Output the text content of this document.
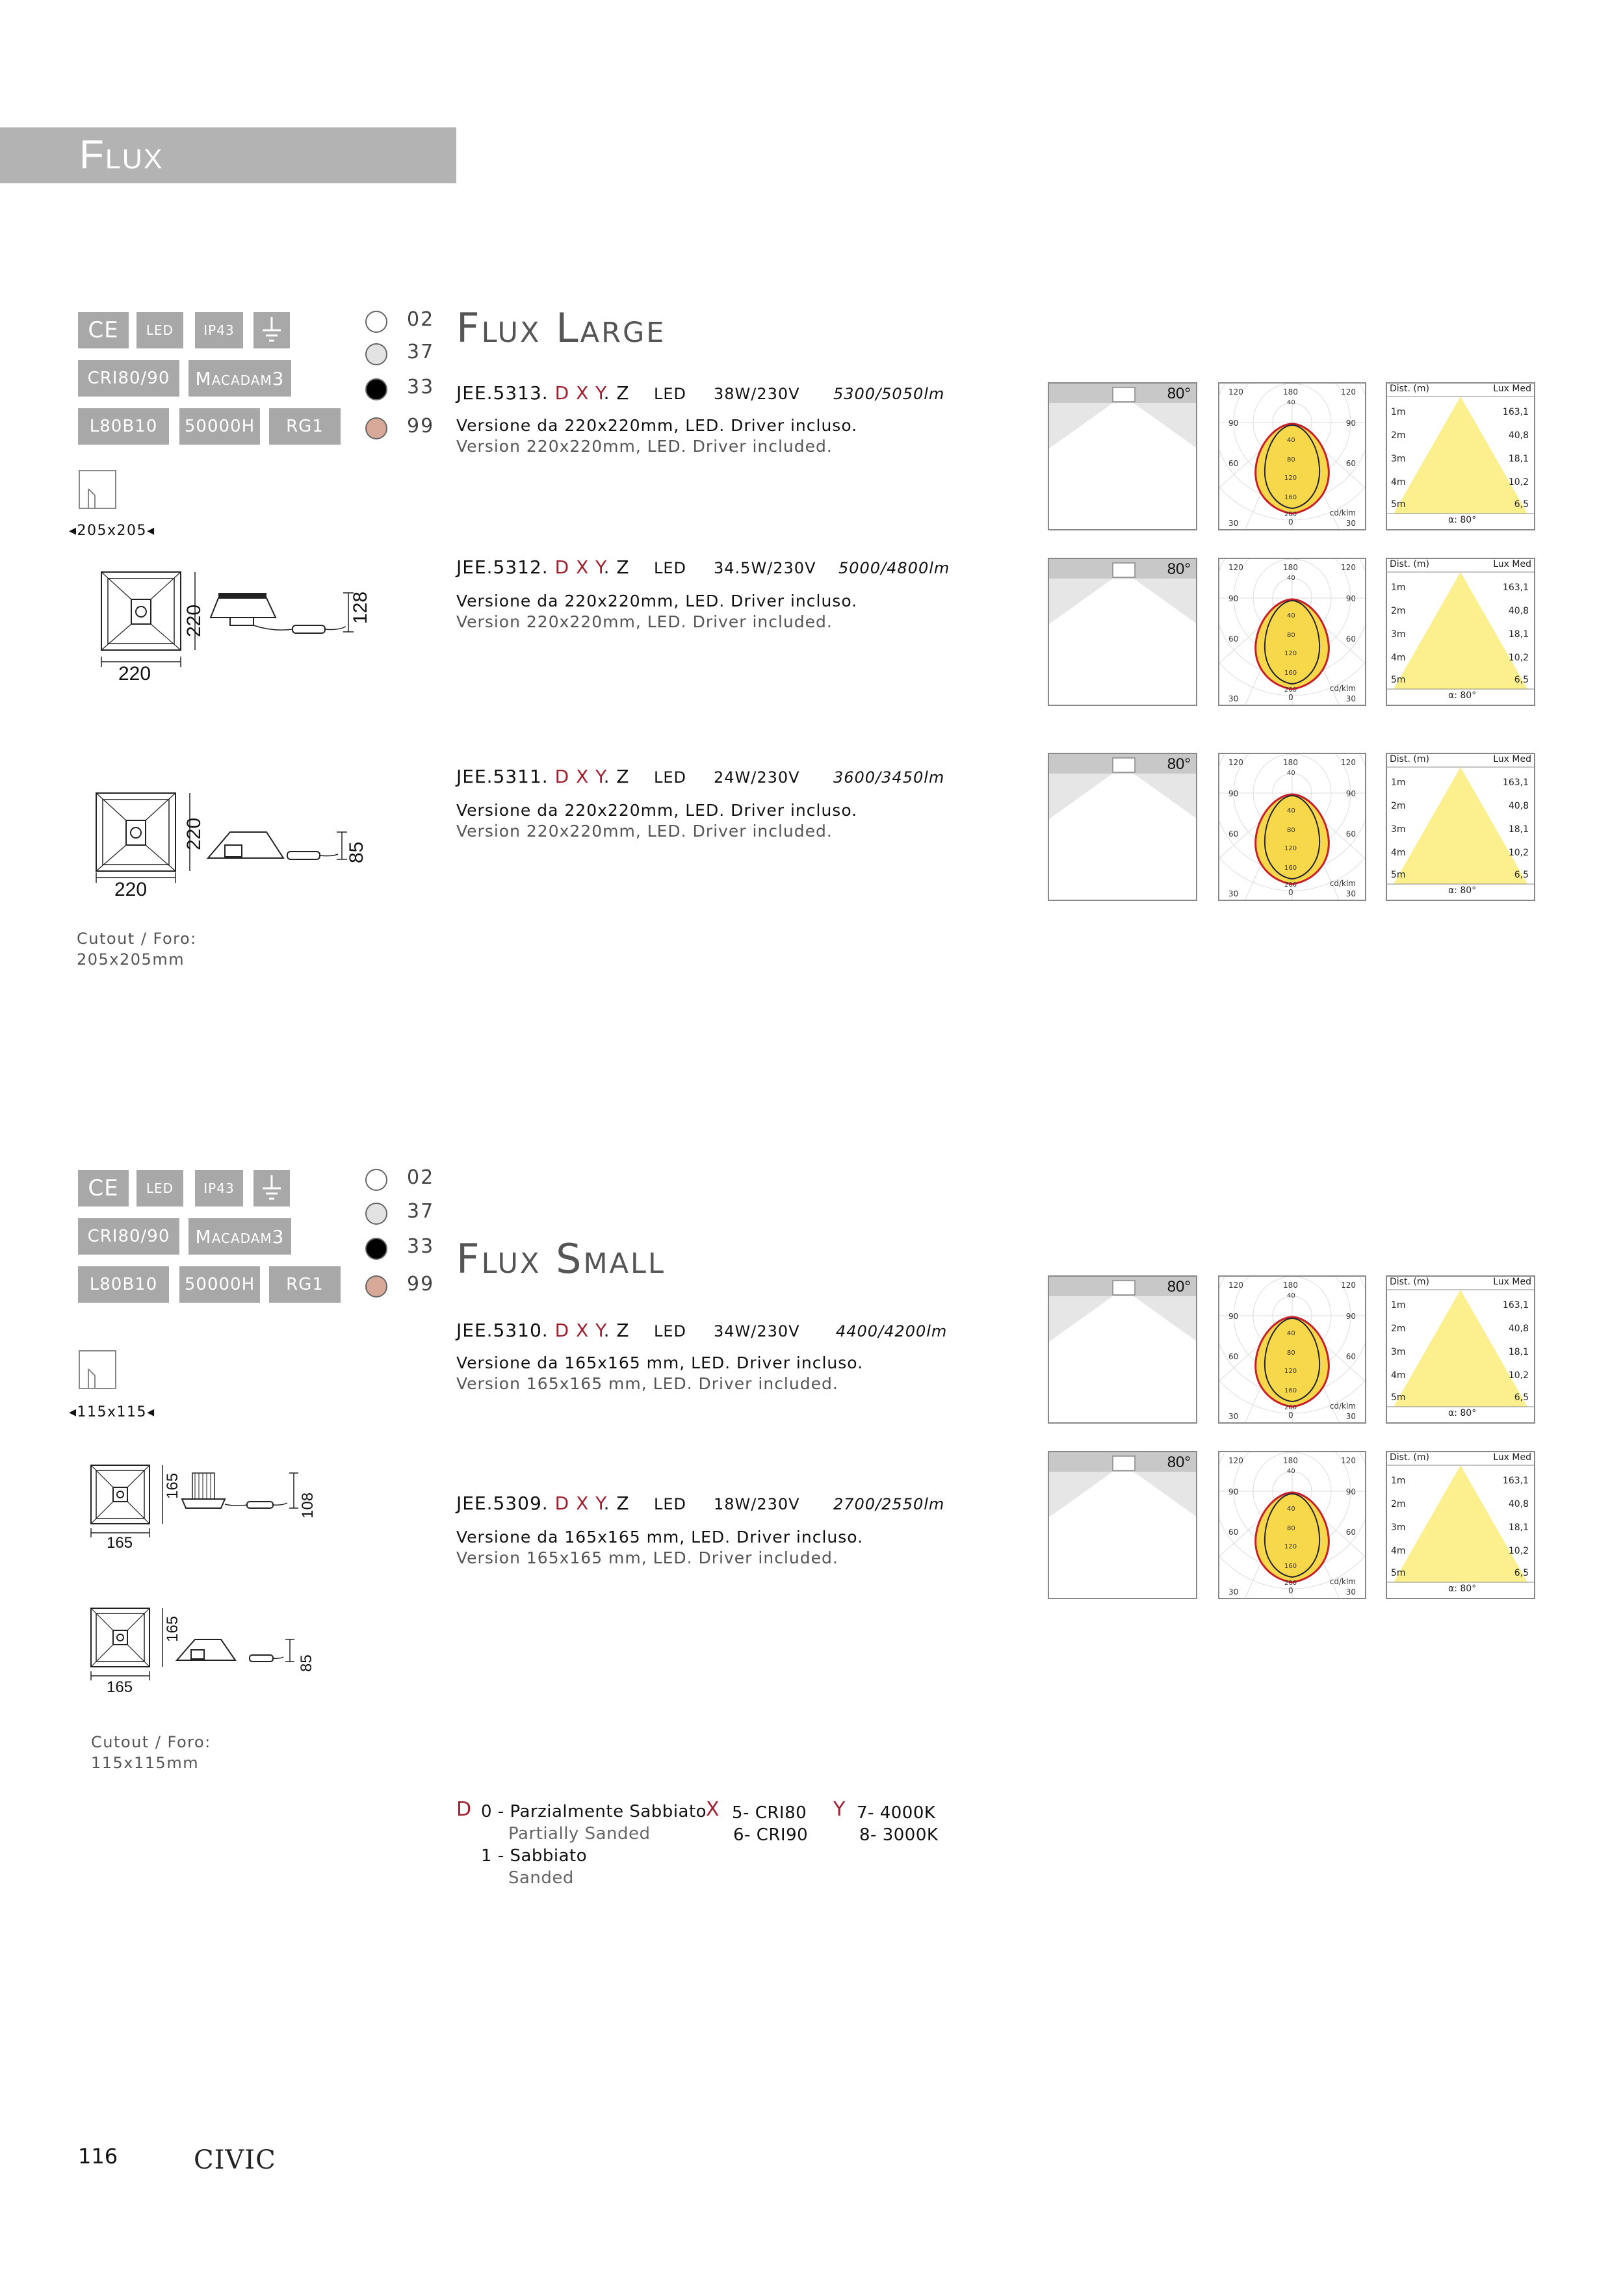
Flux
CE	LED	IP43
CRI80/90	Macadam3
L80B10	50000H	RG1
02
37
33
99
Flux Large
◂205x205◂
220
220	128
220
220
85
Cutout / Foro:
205x205mm
JEE.5313. D X Y. Z LED 38W/230V 5300/5050lm
Versione da 220x220mm, LED. Driver incluso.
Version 220x220mm, LED. Driver included.
JEE.5312. D X Y. Z LED 34.5W/230V 5000/4800lm
Versione da 220x220mm, LED. Driver incluso.
Version 220x220mm, LED. Driver included.
JEE.5311. D X Y. Z LED 24W/230V 3600/3450lm
Versione da 220x220mm, LED. Driver incluso.
Version 220x220mm, LED. Driver included.
CE	LED	IP43
CRI80/90	Macadam3
L80B10	50000H	RG1
02
37
33
99
Flux Small
◂115x115◂
165
165
108
165
165
85
Cutout / Foro:
115x115mm
JEE.5310. D X Y. Z LED 34W/230V 4400/4200lm
Versione da 165x165 mm, LED. Driver incluso.
Version 165x165 mm, LED. Driver included.
JEE.5309. D X Y. Z LED 18W/230V 2700/2550lm
Versione da 165x165 mm, LED. Driver incluso.
Version 165x165 mm, LED. Driver included.
80°	120	180	120
40
90	90
60	60
40
80
120
160
200	cd/klm
30	0	30
Dist. (m)	Lux Med
1m	163,1
2m	40,8
3m	18,1
4m	10,2
5m	6,5
α: 80°
80°	120	180	120
40
90	90
60	60
40
80
120
160
200	cd/klm
30	0	30
Dist. (m)	Lux Med
1m	163,1
2m	40,8
3m	18,1
4m	10,2
5m	6,5
α: 80°
80°	120	180	120
40
90	90
60	60
40
80
120
160
200	cd/klm
30	0	30
Dist. (m)	Lux Med
1m	163,1
2m	40,8
3m	18,1
4m	10,2
5m	6,5
α: 80°
80°	120	180	120
40
90	90
60	60
40
80
120
160
200	cd/klm
30	0	30
Dist. (m)	Lux Med
1m	163,1
2m	40,8
3m	18,1
4m	10,2
5m	6,5
α: 80°
80°	120	180	120
40
90	90
60	60
40
80
120
160
200	cd/klm
30	0	30
Dist. (m)	Lux Med
1m	163,1
2m	40,8
3m	18,1
4m	10,2
5m	6,5
α: 80°
D 0 - Parzialmente Sabbiato
Partially Sanded
1 - Sabbiato
Sanded
X 5- CRI80
6- CRI90
Y 7- 4000K
8- 3000K
116	CIVIC
